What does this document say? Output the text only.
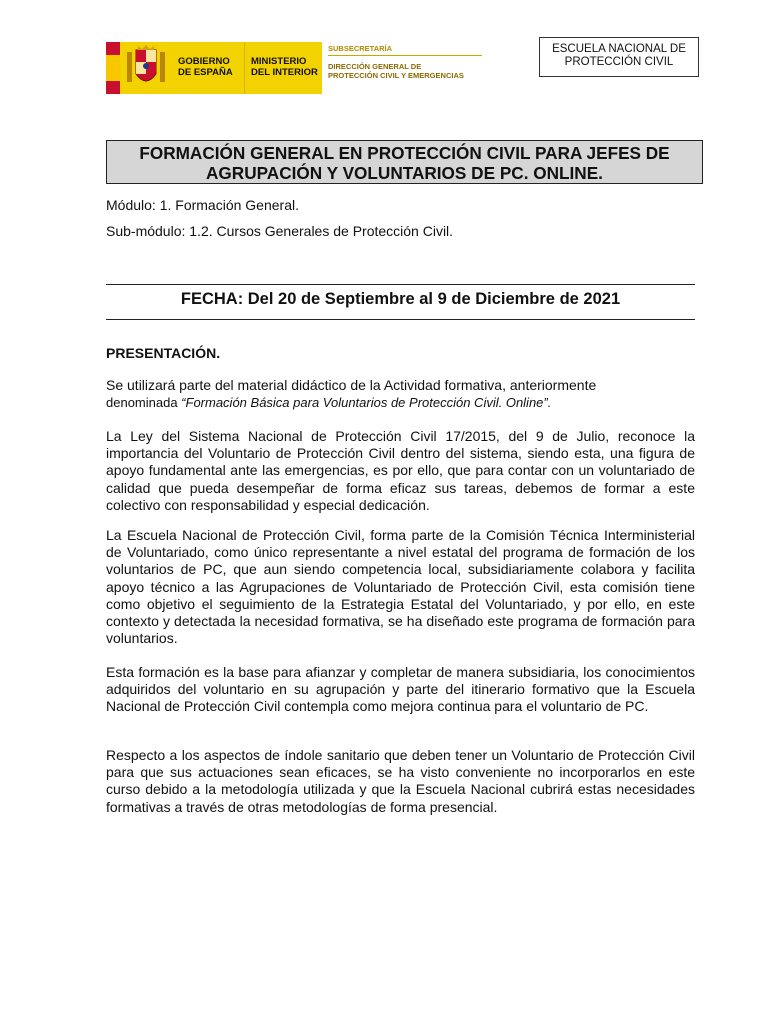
GOBIERNO
DE ESPAÑA
MINISTERIO
DEL INTERIOR
SUBSECRETARÍA
DIRECCIÓN GENERAL DE
PROTECCIÓN CIVIL Y EMERGENCIAS
ESCUELA NACIONAL DE
PROTECCIÓN CIVIL
FORMACIÓN GENERAL EN PROTECCIÓN CIVIL PARA JEFES DE
AGRUPACIÓN Y VOLUNTARIOS DE PC. ONLINE.
Módulo: 1. Formación General.
Sub-módulo: 1.2. Cursos Generales de Protección Civil.
FECHA: Del 20 de Septiembre al 9 de Diciembre de 2021
PRESENTACIÓN.
Se utilizará parte del material didáctico de la Actividad formativa, anteriormente
denominada “Formación Básica para Voluntarios de Protección Civil. Online”.
La Ley del Sistema Nacional de Protección Civil 17/2015, del 9 de Julio, reconoce la importancia del Voluntario de Protección Civil dentro del sistema, siendo esta, una figura de apoyo fundamental ante las emergencias, es por ello, que para contar con un voluntariado de calidad que pueda desempeñar de forma eficaz sus tareas, debemos de formar a este colectivo con responsabilidad y especial dedicación.
La Escuela Nacional de Protección Civil, forma parte de la Comisión Técnica Interministerial de Voluntariado, como único representante a nivel estatal del programa de formación de los voluntarios de PC, que aun siendo competencia local, subsidiariamente colabora y facilita apoyo técnico a las Agrupaciones de Voluntariado de Protección Civil, esta comisión tiene como objetivo el seguimiento de la Estrategia Estatal del Voluntariado, y por ello, en este contexto y detectada la necesidad formativa, se ha diseñado este programa de formación para voluntarios.
Esta formación es la base para afianzar y completar de manera subsidiaria, los conocimientos adquiridos del voluntario en su agrupación y parte del itinerario formativo que la Escuela Nacional de Protección Civil contempla como mejora continua para el voluntario de PC.
Respecto a los aspectos de índole sanitario que deben tener un Voluntario de Protección Civil para que sus actuaciones sean eficaces, se ha visto conveniente no incorporarlos en este curso debido a la metodología utilizada y que la Escuela Nacional cubrirá estas necesidades formativas a través de otras metodologías de forma presencial.
